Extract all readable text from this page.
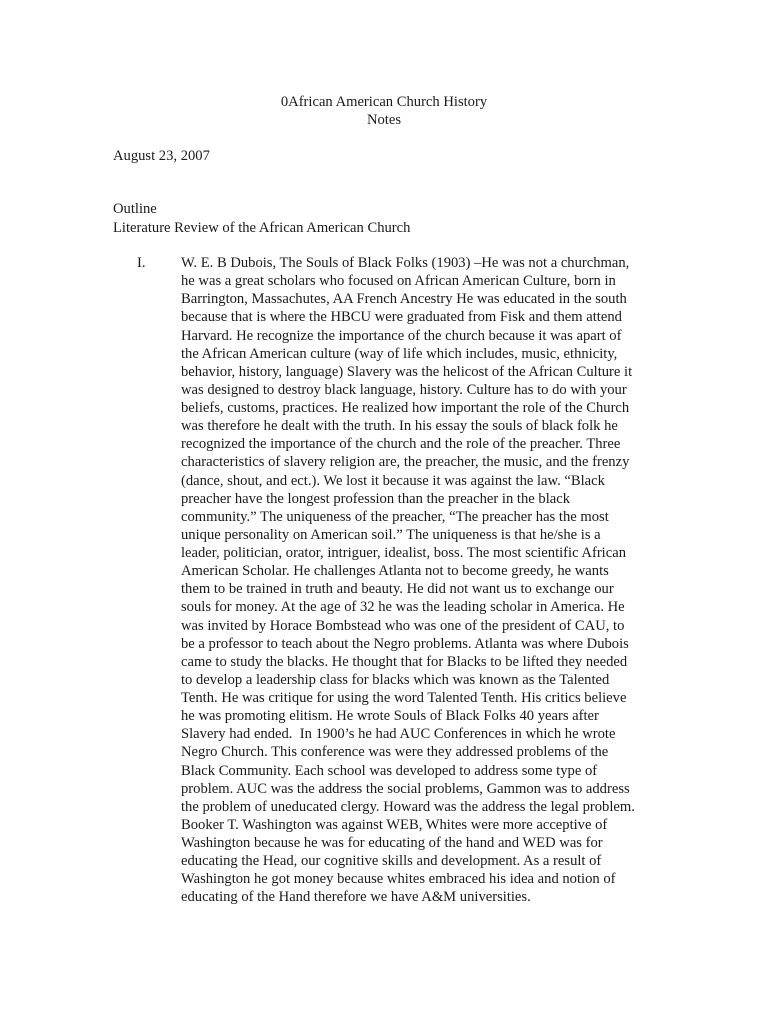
0African American Church History
Notes
August 23, 2007
Outline
Literature Review of the African American Church
I. W. E. B Dubois, The Souls of Black Folks (1903) –He was not a churchman,
he was a great scholars who focused on African American Culture, born in
Barrington, Massachutes, AA French Ancestry He was educated in the south
because that is where the HBCU were graduated from Fisk and them attend
Harvard. He recognize the importance of the church because it was apart of
the African American culture (way of life which includes, music, ethnicity,
behavior, history, language) Slavery was the helicost of the African Culture it
was designed to destroy black language, history. Culture has to do with your
beliefs, customs, practices. He realized how important the role of the Church
was therefore he dealt with the truth. In his essay the souls of black folk he
recognized the importance of the church and the role of the preacher. Three
characteristics of slavery religion are, the preacher, the music, and the frenzy
(dance, shout, and ect.). We lost it because it was against the law. “Black
preacher have the longest profession than the preacher in the black
community.” The uniqueness of the preacher, “The preacher has the most
unique personality on American soil.” The uniqueness is that he/she is a
leader, politician, orator, intriguer, idealist, boss. The most scientific African
American Scholar. He challenges Atlanta not to become greedy, he wants
them to be trained in truth and beauty. He did not want us to exchange our
souls for money. At the age of 32 he was the leading scholar in America. He
was invited by Horace Bombstead who was one of the president of CAU, to
be a professor to teach about the Negro problems. Atlanta was where Dubois
came to study the blacks. He thought that for Blacks to be lifted they needed
to develop a leadership class for blacks which was known as the Talented
Tenth. He was critique for using the word Talented Tenth. His critics believe
he was promoting elitism. He wrote Souls of Black Folks 40 years after
Slavery had ended.  In 1900’s he had AUC Conferences in which he wrote
Negro Church. This conference was were they addressed problems of the
Black Community. Each school was developed to address some type of
problem. AUC was the address the social problems, Gammon was to address
the problem of uneducated clergy. Howard was the address the legal problem.
Booker T. Washington was against WEB, Whites were more acceptive of
Washington because he was for educating of the hand and WED was for
educating the Head, our cognitive skills and development. As a result of
Washington he got money because whites embraced his idea and notion of
educating of the Hand therefore we have A&M universities.
